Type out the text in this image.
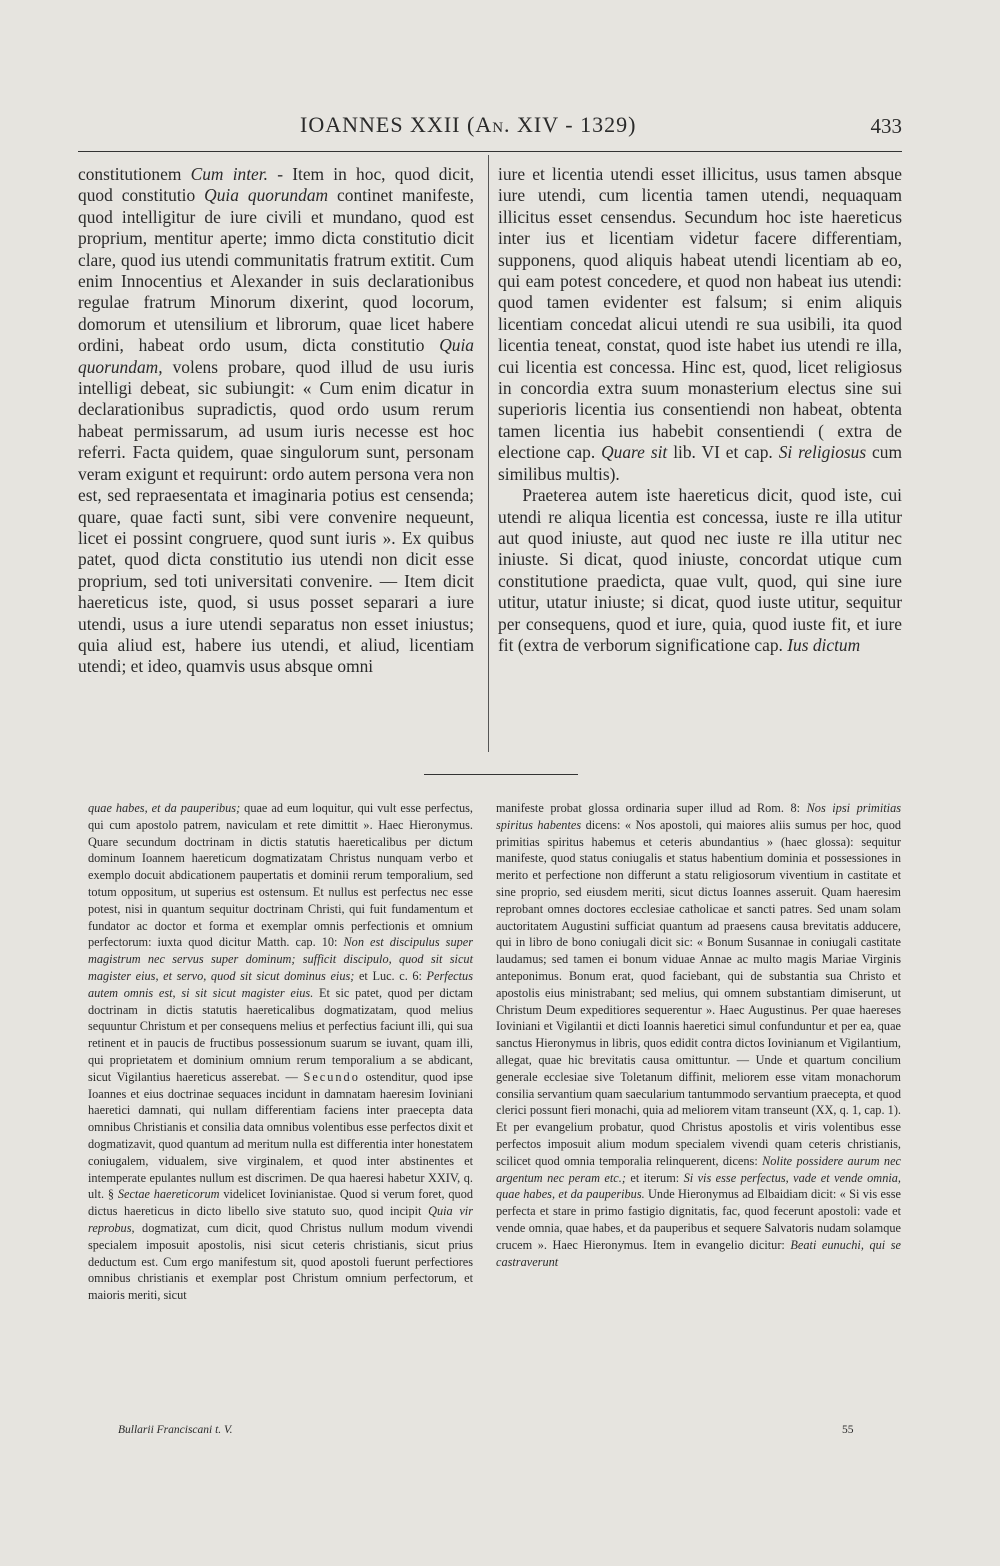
IOANNES XXII (An. XIV - 1329)	433

constitutionem Cum inter. - Item in hoc, quod dicit, quod constitutio Quia quorundam continet manifeste, quod intelligitur de iure civili et mundano, quod est proprium, mentitur aperte; immo dicta constitutio dicit clare, quod ius utendi communitatis fratrum extitit. Cum enim Innocentius et Alexander in suis declarationibus regulae fratrum Minorum dixerint, quod locorum, domorum et utensilium et librorum, quae licet habere ordini, habeat ordo usum, dicta constitutio Quia quorundam, volens probare, quod illud de usu iuris intelligi debeat, sic subiungit: « Cum enim dicatur in declarationibus supradictis, quod ordo usum rerum habeat permissarum, ad usum iuris necesse est hoc referri. Facta quidem, quae singulorum sunt, personam veram exigunt et requirunt: ordo autem persona vera non est, sed repraesentata et imaginaria potius est censenda; quare, quae facti sunt, sibi vere convenire nequeunt, licet ei possint congruere, quod sunt iuris ». Ex quibus patet, quod dicta constitutio ius utendi non dicit esse proprium, sed toti universitati convenire. — Item dicit haereticus iste, quod, si usus posset separari a iure utendi, usus a iure utendi separatus non esset iniustus; quia aliud est, habere ius utendi, et aliud, licentiam utendi; et ideo, quamvis usus absque omni

iure et licentia utendi esset illicitus, usus tamen absque iure utendi, cum licentia tamen utendi, nequaquam illicitus esset censendus. Secundum hoc iste haereticus inter ius et licentiam videtur facere differentiam, supponens, quod aliquis habeat utendi licentiam ab eo, qui eam potest concedere, et quod non habeat ius utendi: quod tamen evidenter est falsum; si enim aliquis licentiam concedat alicui utendi re sua usibili, ita quod licentia teneat, constat, quod iste habet ius utendi re illa, cui licentia est concessa. Hinc est, quod, licet religiosus in concordia extra suum monasterium electus sine sui superioris licentia ius consentiendi non habeat, obtenta tamen licentia ius habebit consentiendi ( extra de electione cap. Quare sit lib. VI et cap. Si religiosus cum similibus multis).

Praeterea autem iste haereticus dicit, quod iste, cui utendi re aliqua licentia est concessa, iuste re illa utitur aut quod iniuste, aut quod nec iuste re illa utitur nec iniuste. Si dicat, quod iniuste, concordat utique cum constitutione praedicta, quae vult, quod, qui sine iure utitur, utatur iniuste; si dicat, quod iuste utitur, sequitur per consequens, quod et iure, quia, quod iuste fit, et iure fit (extra de verborum significatione cap. Ius dictum

quae habes, et da pauperibus; quae ad eum loquitur, qui vult esse perfectus, qui cum apostolo patrem, naviculam et rete dimittit ». Haec Hieronymus. Quare secundum doctrinam in dictis statutis haereticalibus per dictum dominum Ioannem haereticum dogmatizatam Christus nunquam verbo et exemplo docuit abdicationem paupertatis et dominii rerum temporalium, sed totum oppositum, ut superius est ostensum. Et nullus est perfectus nec esse potest, nisi in quantum sequitur doctrinam Christi, qui fuit fundamentum et fundator ac doctor et forma et exemplar omnis perfectionis et omnium perfectorum: iuxta quod dicitur Matth. cap. 10: Non est discipulus super magistrum nec servus super dominum; sufficit discipulo, quod sit sicut magister eius, et servo, quod sit sicut dominus eius; et Luc. c. 6: Perfectus autem omnis est, si sit sicut magister eius. Et sic patet, quod per dictam doctrinam in dictis statutis haereticalibus dogmatizatam, quod melius sequuntur Christum et per consequens melius et perfectius faciunt illi, qui sua retinent et in paucis de fructibus possessionum suarum se iuvant, quam illi, qui proprietatem et dominium omnium rerum temporalium a se abdicant, sicut Vigilantius haereticus asserebat. — Secundo ostenditur, quod ipse Ioannes et eius doctrinae sequaces incidunt in damnatam haeresim Ioviniani haeretici damnati, qui nullam differentiam faciens inter praecepta data omnibus Christianis et consilia data omnibus volentibus esse perfectos dixit et dogmatizavit, quod quantum ad meritum nulla est differentia inter honestatem coniugalem, vidualem, sive virginalem, et quod inter abstinentes et intemperate epulantes nullum est discrimen. De qua haeresi habetur XXIV, q. ult. § Sectae haereticorum videlicet Iovinianistae. Quod si verum foret, quod dictus haereticus in dicto libello sive statuto suo, quod incipit Quia vir reprobus, dogmatizat, cum dicit, quod Christus nullum modum vivendi specialem imposuit apostolis, nisi sicut ceteris christianis, sicut prius deductum est. Cum ergo manifestum sit, quod apostoli fuerunt perfectiores omnibus christianis et exemplar post Christum omnium perfectorum, et maioris meriti, sicut

manifeste probat glossa ordinaria super illud ad Rom. 8: Nos ipsi primitias spiritus habentes dicens: « Nos apostoli, qui maiores aliis sumus per hoc, quod primitias spiritus habemus et ceteris abundantius » (haec glossa): sequitur manifeste, quod status coniugalis et status habentium dominia et possessiones in merito et perfectione non differunt a statu religiosorum viventium in castitate et sine proprio, sed eiusdem meriti, sicut dictus Ioannes asseruit. Quam haeresim reprobant omnes doctores ecclesiae catholicae et sancti patres. Sed unam solam auctoritatem Augustini sufficiat quantum ad praesens causa brevitatis adducere, qui in libro de bono coniugali dicit sic: « Bonum Susannae in coniugali castitate laudamus; sed tamen ei bonum viduae Annae ac multo magis Mariae Virginis anteponimus. Bonum erat, quod faciebant, qui de substantia sua Christo et apostolis eius ministrabant; sed melius, qui omnem substantiam dimiserunt, ut Christum Deum expeditiores sequerentur ». Haec Augustinus. Per quae haereses Ioviniani et Vigilantii et dicti Ioannis haeretici simul confunduntur et per ea, quae sanctus Hieronymus in libris, quos edidit contra dictos Iovinianum et Vigilantium, allegat, quae hic brevitatis causa omittuntur. — Unde et quartum concilium generale ecclesiae sive Toletanum diffinit, meliorem esse vitam monachorum consilia servantium quam saecularium tantummodo servantium praecepta, et quod clerici possunt fieri monachi, quia ad meliorem vitam transeunt (XX, q. 1, cap. 1). Et per evangelium probatur, quod Christus apostolis et viris volentibus esse perfectos imposuit alium modum specialem vivendi quam ceteris christianis, scilicet quod omnia temporalia relinquerent, dicens: Nolite possidere aurum nec argentum nec peram etc.; et iterum: Si vis esse perfectus, vade et vende omnia, quae habes, et da pauperibus. Unde Hieronymus ad Elbaidiam dicit: « Si vis esse perfecta et stare in primo fastigio dignitatis, fac, quod fecerunt apostoli: vade et vende omnia, quae habes, et da pauperibus et sequere Salvatoris nudam solamque crucem ». Haec Hieronymus. Item in evangelio dicitur: Beati eunuchi, qui se castraverunt

Bullarii Franciscani t. V.	55
